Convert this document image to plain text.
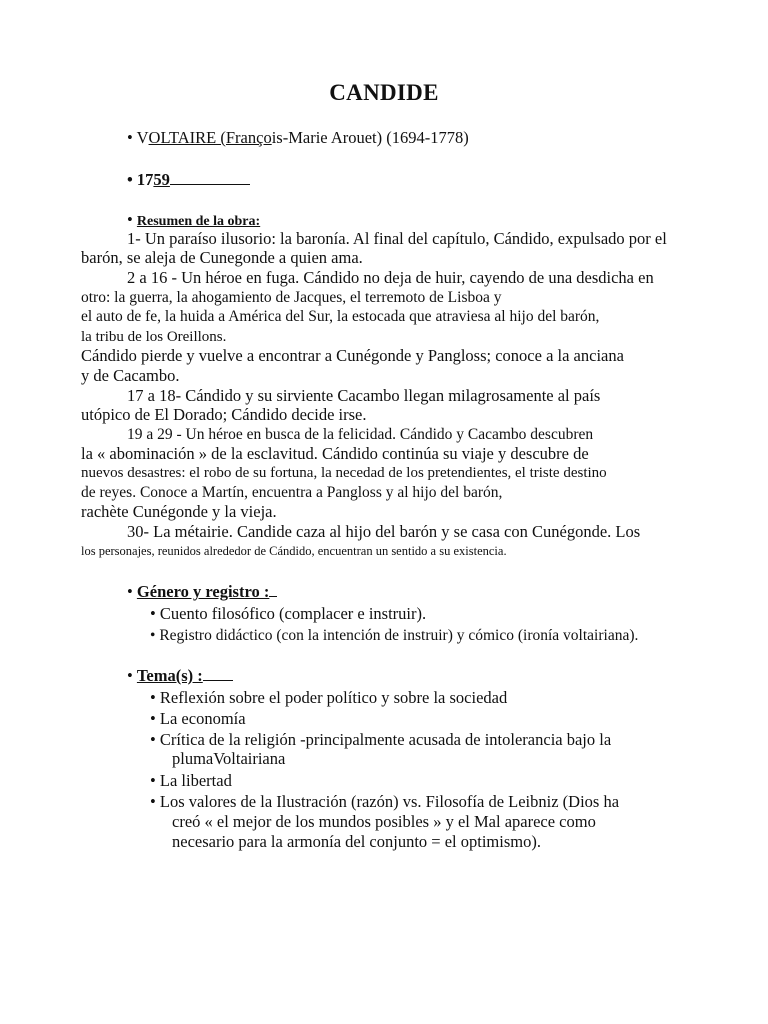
CANDIDE
• VOLTAIRE (François-Marie Arouet) (1694-1778)
• 1759
• Resumen de la obra:
1- Un paraíso ilusorio: la baronía. Al final del capítulo, Cándido, expulsado por el
barón, se aleja de Cunegonde a quien ama.
2 a 16 - Un héroe en fuga. Cándido no deja de huir, cayendo de una desdicha en
otro: la guerra, la ahogamiento de Jacques, el terremoto de Lisboa y
el auto de fe, la huida a América del Sur, la estocada que atraviesa al hijo del barón,
la tribu de los Oreillons.
Cándido pierde y vuelve a encontrar a Cunégonde y Pangloss; conoce a la anciana
y de Cacambo.
17 a 18- Cándido y su sirviente Cacambo llegan milagrosamente al país
utópico de El Dorado; Cándido decide irse.
19 a 29 - Un héroe en busca de la felicidad. Cándido y Cacambo descubren
la « abominación » de la esclavitud. Cándido continúa su viaje y descubre de
nuevos desastres: el robo de su fortuna, la necedad de los pretendientes, el triste destino
de reyes. Conoce a Martín, encuentra a Pangloss y al hijo del barón,
rachète Cunégonde y la vieja.
30- La métairie. Candide caza al hijo del barón y se casa con Cunégonde. Los
los personajes, reunidos alrededor de Cándido, encuentran un sentido a su existencia.
• Género y registro :
• Cuento filosófico (complacer e instruir).
• Registro didáctico (con la intención de instruir) y cómico (ironía voltairiana).
• Tema(s) :
• Reflexión sobre el poder político y sobre la sociedad
• La economía
• Crítica de la religión -principalmente acusada de intolerancia bajo la
plumaVoltairiana
• La libertad
• Los valores de la Ilustración (razón) vs. Filosofía de Leibniz (Dios ha
creó « el mejor de los mundos posibles » y el Mal aparece como
necesario para la armonía del conjunto = el optimismo).
